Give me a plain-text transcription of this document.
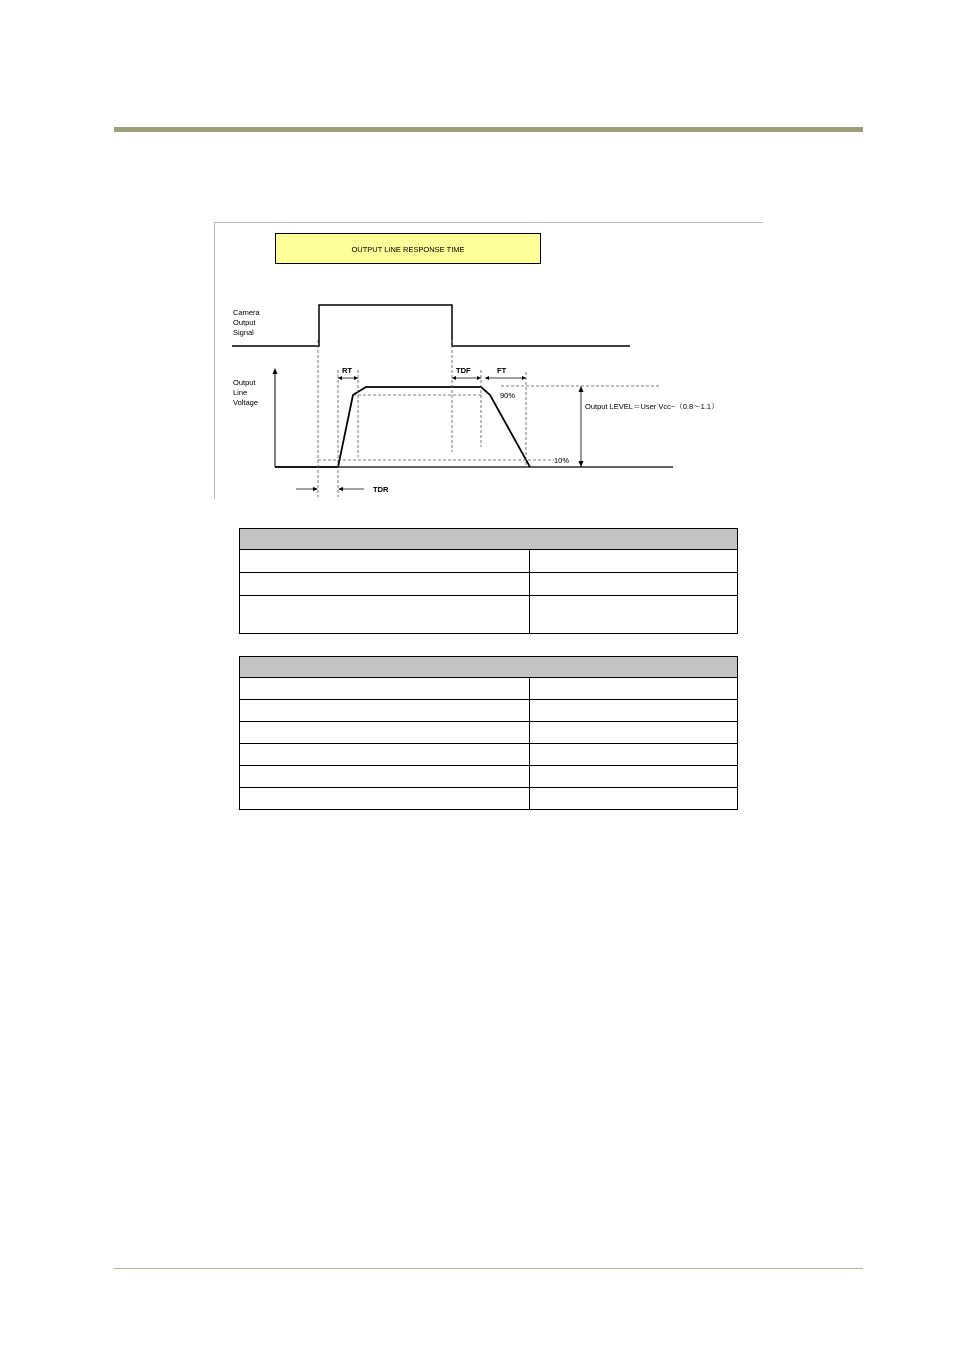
OUTPUT LINE RESPONSE TIME
Camera
Output
Signal
Output
Line
Voltage
RT	TDF	FT
90%
10%
Output LEVEL＝User Vcc−（0.8〜1.1）
TDR
